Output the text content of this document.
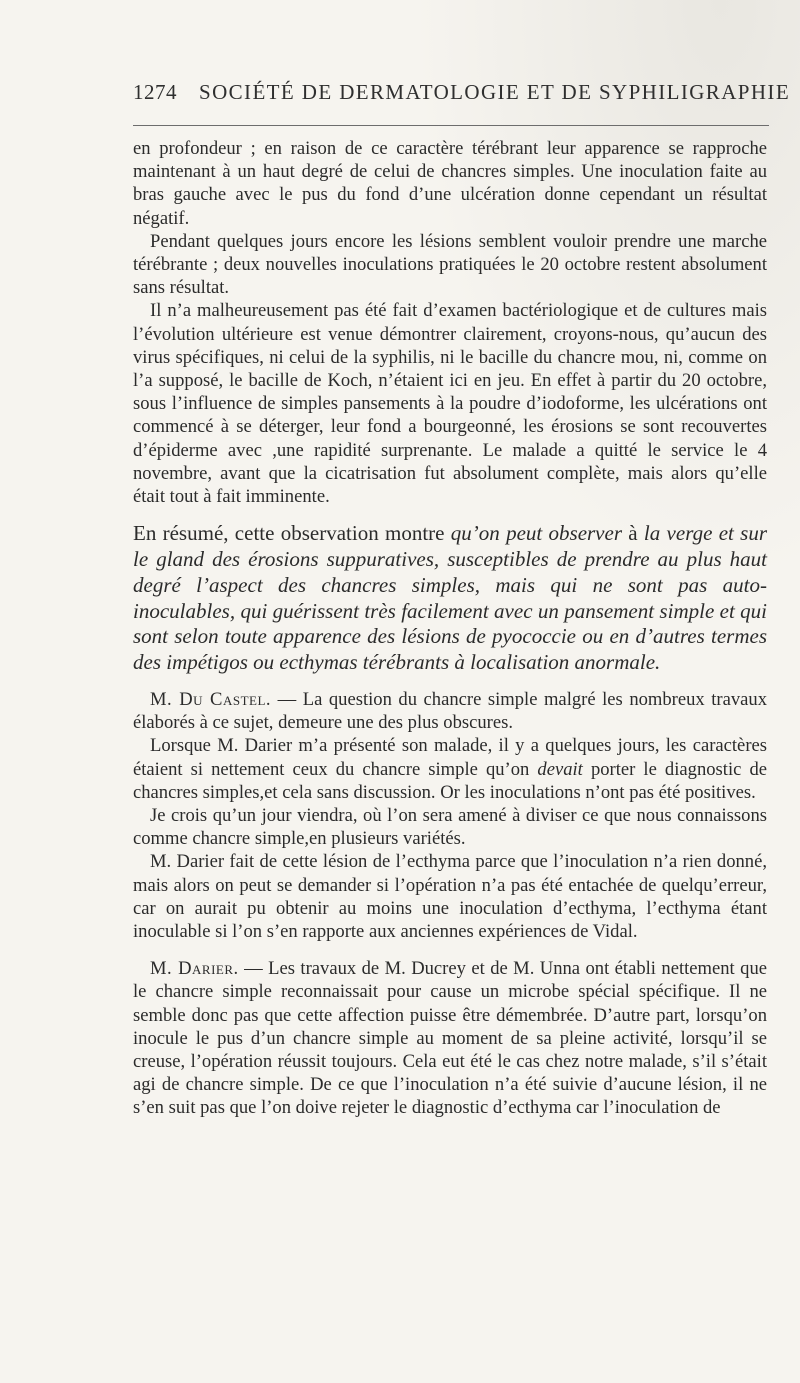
1274 SOCIÉTÉ DE DERMATOLOGIE ET DE SYPHILIGRAPHIE

en profondeur ; en raison de ce caractère térébrant leur apparence se rapproche maintenant à un haut degré de celui de chancres simples. Une inoculation faite au bras gauche avec le pus du fond d’une ulcération donne cependant un résultat négatif.

Pendant quelques jours encore les lésions semblent vouloir prendre une marche térébrante ; deux nouvelles inoculations pratiquées le 20 octobre restent absolument sans résultat.

Il n’a malheureusement pas été fait d’examen bactériologique et de cultures mais l’évolution ultérieure est venue démontrer clairement, croyons-nous, qu’aucun des virus spécifiques, ni celui de la syphilis, ni le bacille du chancre mou, ni, comme on l’a supposé, le bacille de Koch, n’étaient ici en jeu. En effet à partir du 20 octobre, sous l’influence de simples pansements à la poudre d’iodoforme, les ulcérations ont commencé à se déterger, leur fond a bourgeonné, les érosions se sont recouvertes d’épiderme avec ,une rapidité surprenante. Le malade a quitté le service le 4 novembre, avant que la cicatrisation fut absolument complète, mais alors qu’elle était tout à fait imminente.

En résumé, cette observation montre qu’on peut observer à la verge et sur le gland des érosions suppuratives, susceptibles de prendre au plus haut degré l’aspect des chancres simples, mais qui ne sont pas auto-inoculables, qui guérissent très facilement avec un pansement simple et qui sont selon toute apparence des lésions de pyococcie ou en d’autres termes des impétigos ou ecthymas térébrants à localisation anormale.

M. Du Castel. — La question du chancre simple malgré les nombreux travaux élaborés à ce sujet, demeure une des plus obscures.

Lorsque M. Darier m’a présenté son malade, il y a quelques jours, les caractères étaient si nettement ceux du chancre simple qu’on devait porter le diagnostic de chancres simples,et cela sans discussion. Or les inoculations n’ont pas été positives.

Je crois qu’un jour viendra, où l’on sera amené à diviser ce que nous connaissons comme chancre simple,en plusieurs variétés.

M. Darier fait de cette lésion de l’ecthyma parce que l’inoculation n’a rien donné, mais alors on peut se demander si l’opération n’a pas été entachée de quelqu’erreur, car on aurait pu obtenir au moins une inoculation d’ecthyma, l’ecthyma étant inoculable si l’on s’en rapporte aux anciennes expériences de Vidal.

M. Darier. — Les travaux de M. Ducrey et de M. Unna ont établi nettement que le chancre simple reconnaissait pour cause un microbe spécial spécifique. Il ne semble donc pas que cette affection puisse être démembrée. D’autre part, lorsqu’on inocule le pus d’un chancre simple au moment de sa pleine activité, lorsqu’il se creuse, l’opération réussit toujours. Cela eut été le cas chez notre malade, s’il s’était agi de chancre simple. De ce que l’inoculation n’a été suivie d’aucune lésion, il ne s’en suit pas que l’on doive rejeter le diagnostic d’ecthyma car l’inoculation de
